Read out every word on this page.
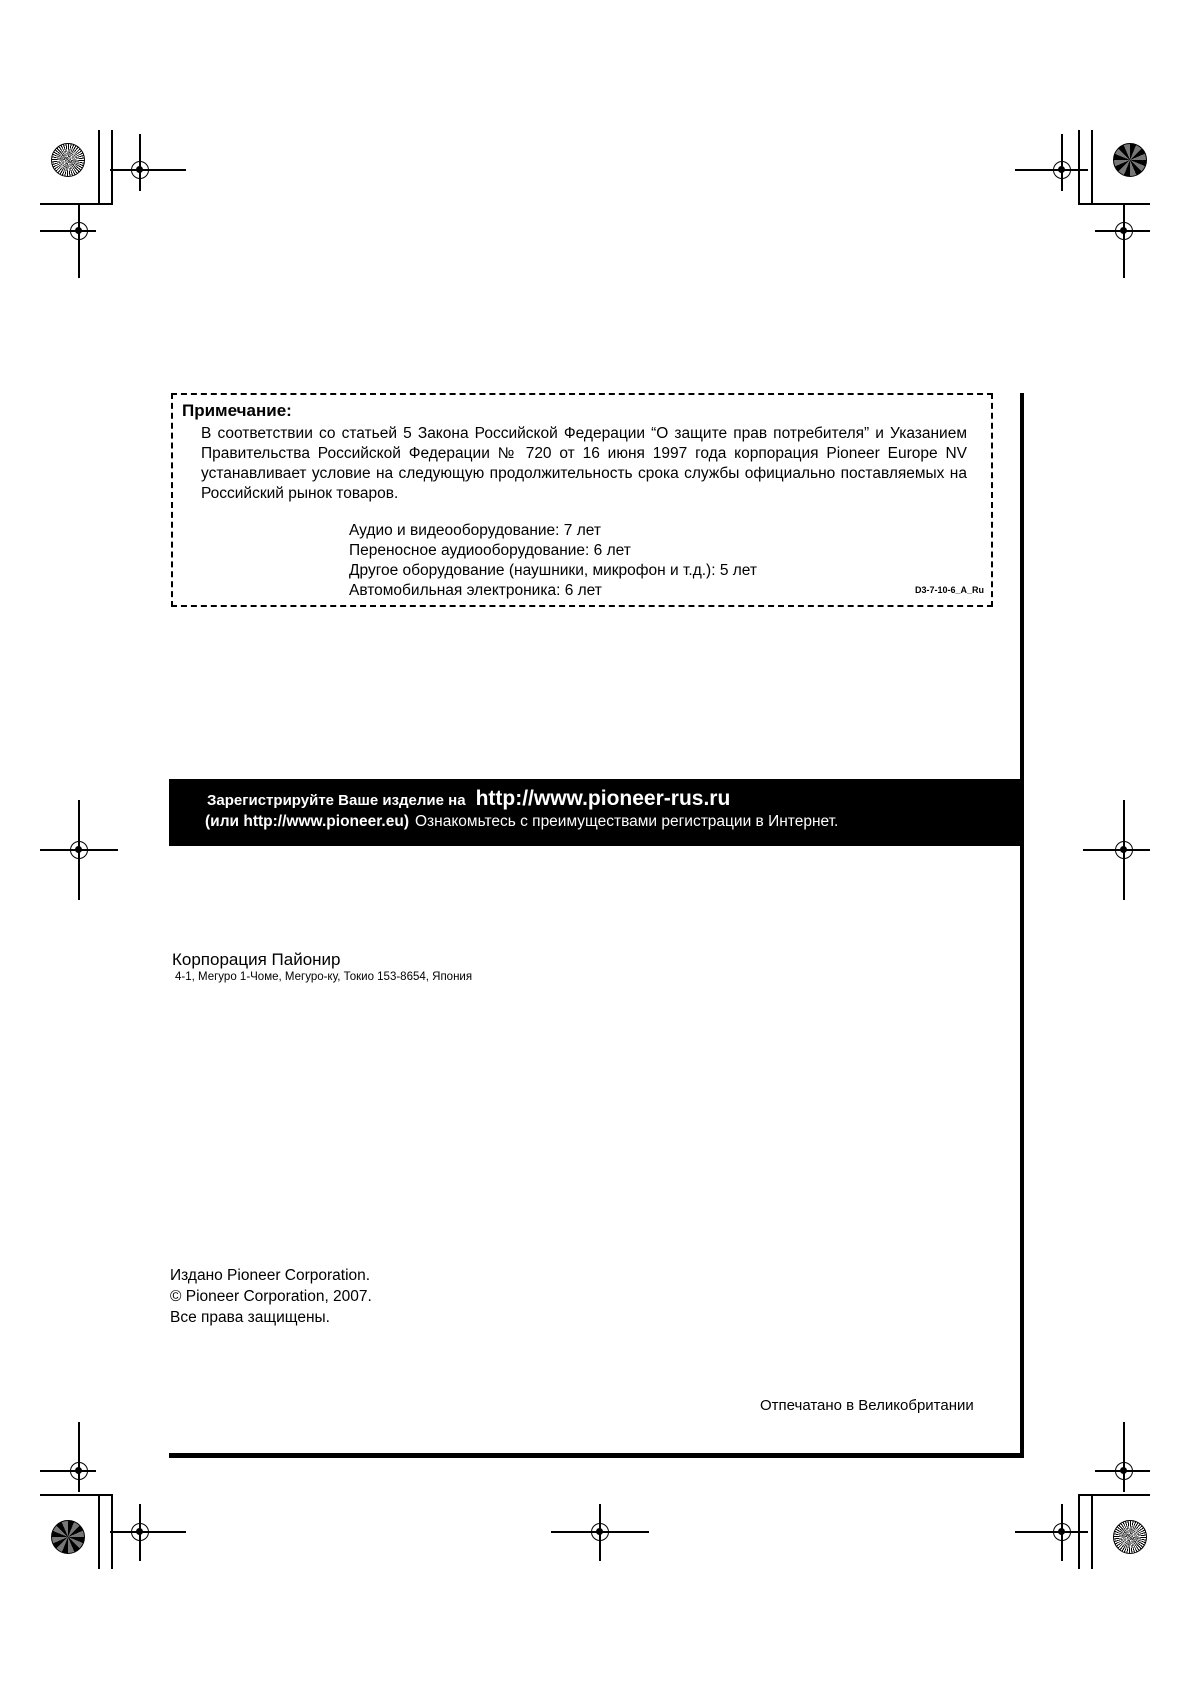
Примечание:
В соответствии со статьей 5 Закона Российской Федерации “О защите прав потребителя” и Указанием Правительства Российской Федерации № 720 от 16 июня 1997 года корпорация Pioneer Europe NV устанавливает условие на следующую продолжительность срока службы официально поставляемых на Российский рынок товаров.
Аудио и видеооборудование: 7 лет
Переносное аудиооборудование: 6 лет
Другое оборудование (наушники, микрофон и т.д.): 5 лет
Автомобильная электроника: 6 лет	D3-7-10-6_A_Ru
Зарегистрируйте Ваше изделие на http://www.pioneer-rus.ru
(или http://www.pioneer.eu) Ознакомьтесь с преимуществами регистрации в Интернет.
Корпорация Пайонир
4-1, Мегуро 1-Чоме, Мегуро-ку, Токио 153-8654, Япония
Издано Pioneer Corporation.
© Pioneer Corporation, 2007.
Все права защищены.
Отпечатано в Великобритании
